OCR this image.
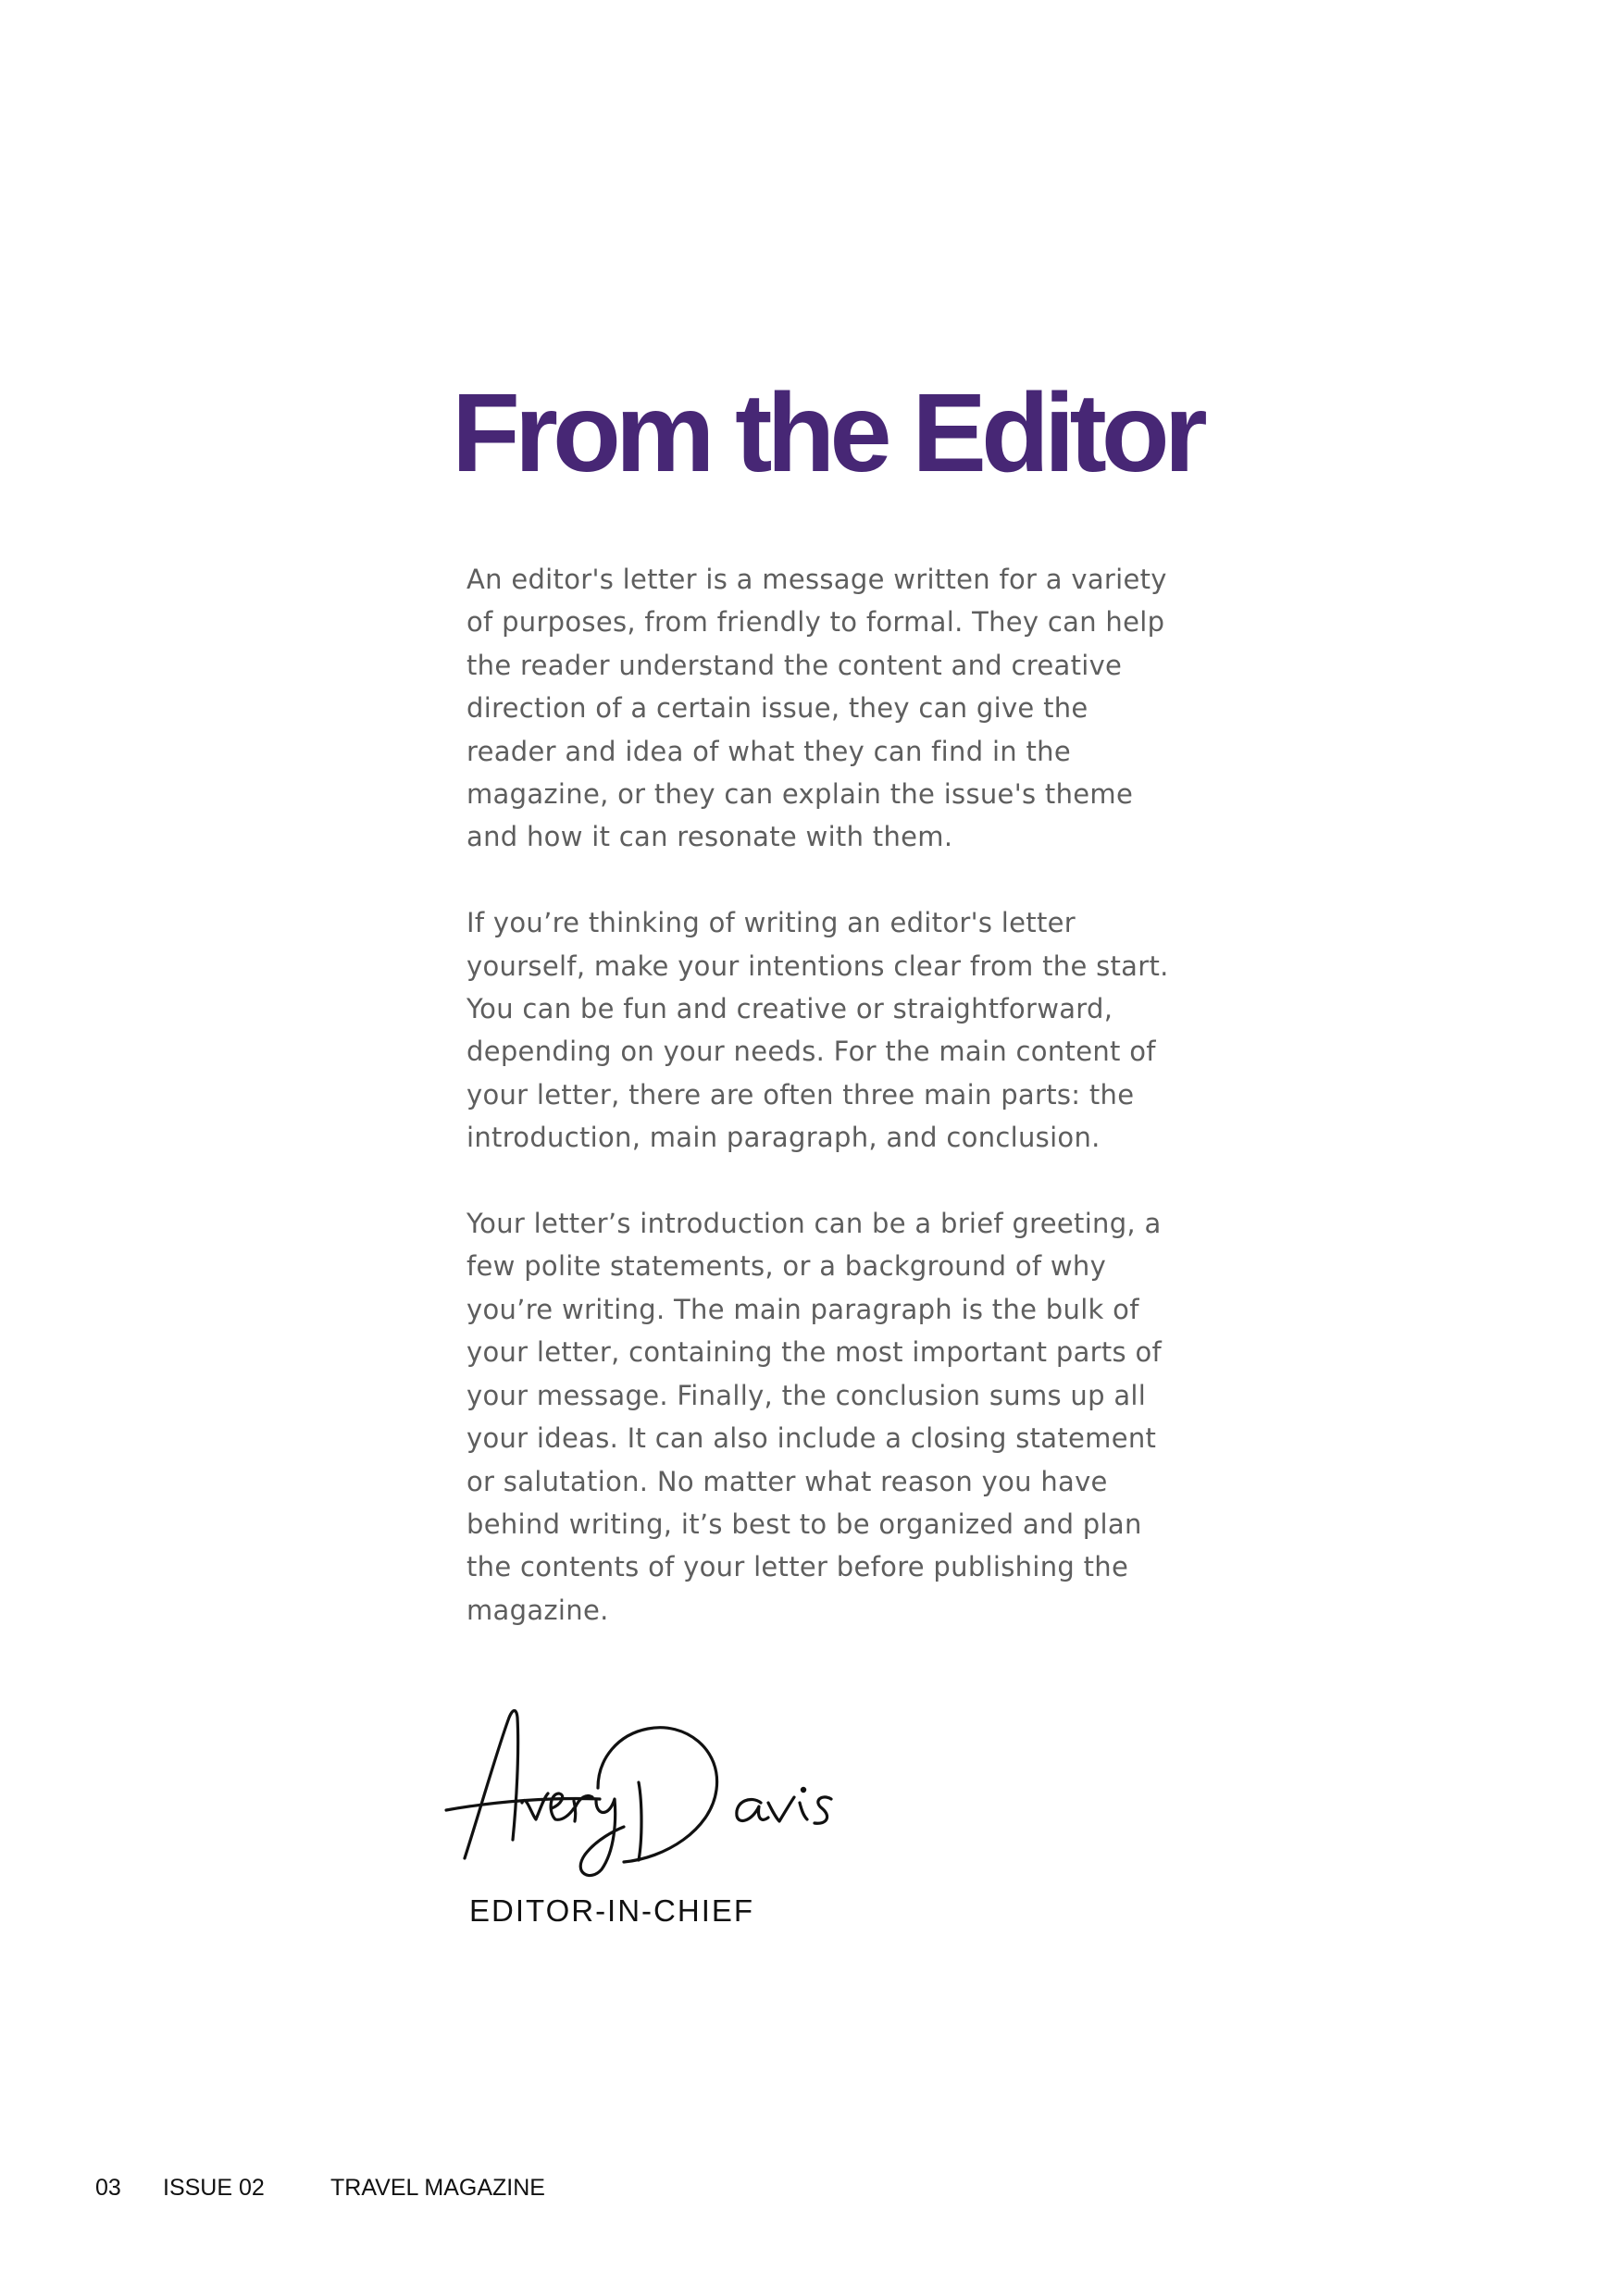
From the Editor

An editor's letter is a message written for a variety of purposes, from friendly to formal. They can help the reader understand the content and creative direction of a certain issue, they can give the reader and idea of what they can find in the magazine, or they can explain the issue's theme and how it can resonate with them.

If you’re thinking of writing an editor's letter yourself, make your intentions clear from the start. You can be fun and creative or straightforward, depending on your needs. For the main content of your letter, there are often three main parts: the introduction, main paragraph, and conclusion.

Your letter’s introduction can be a brief greeting, a few polite statements, or a background of why you’re writing. The main paragraph is the bulk of your letter, containing the most important parts of your message. Finally, the conclusion sums up all your ideas. It can also include a closing statement or salutation. No matter what reason you have behind writing, it’s best to be organized and plan the contents of your letter before publishing the magazine.

EDITOR-IN-CHIEF
03 ISSUE 02	TRAVEL MAGAZINE
